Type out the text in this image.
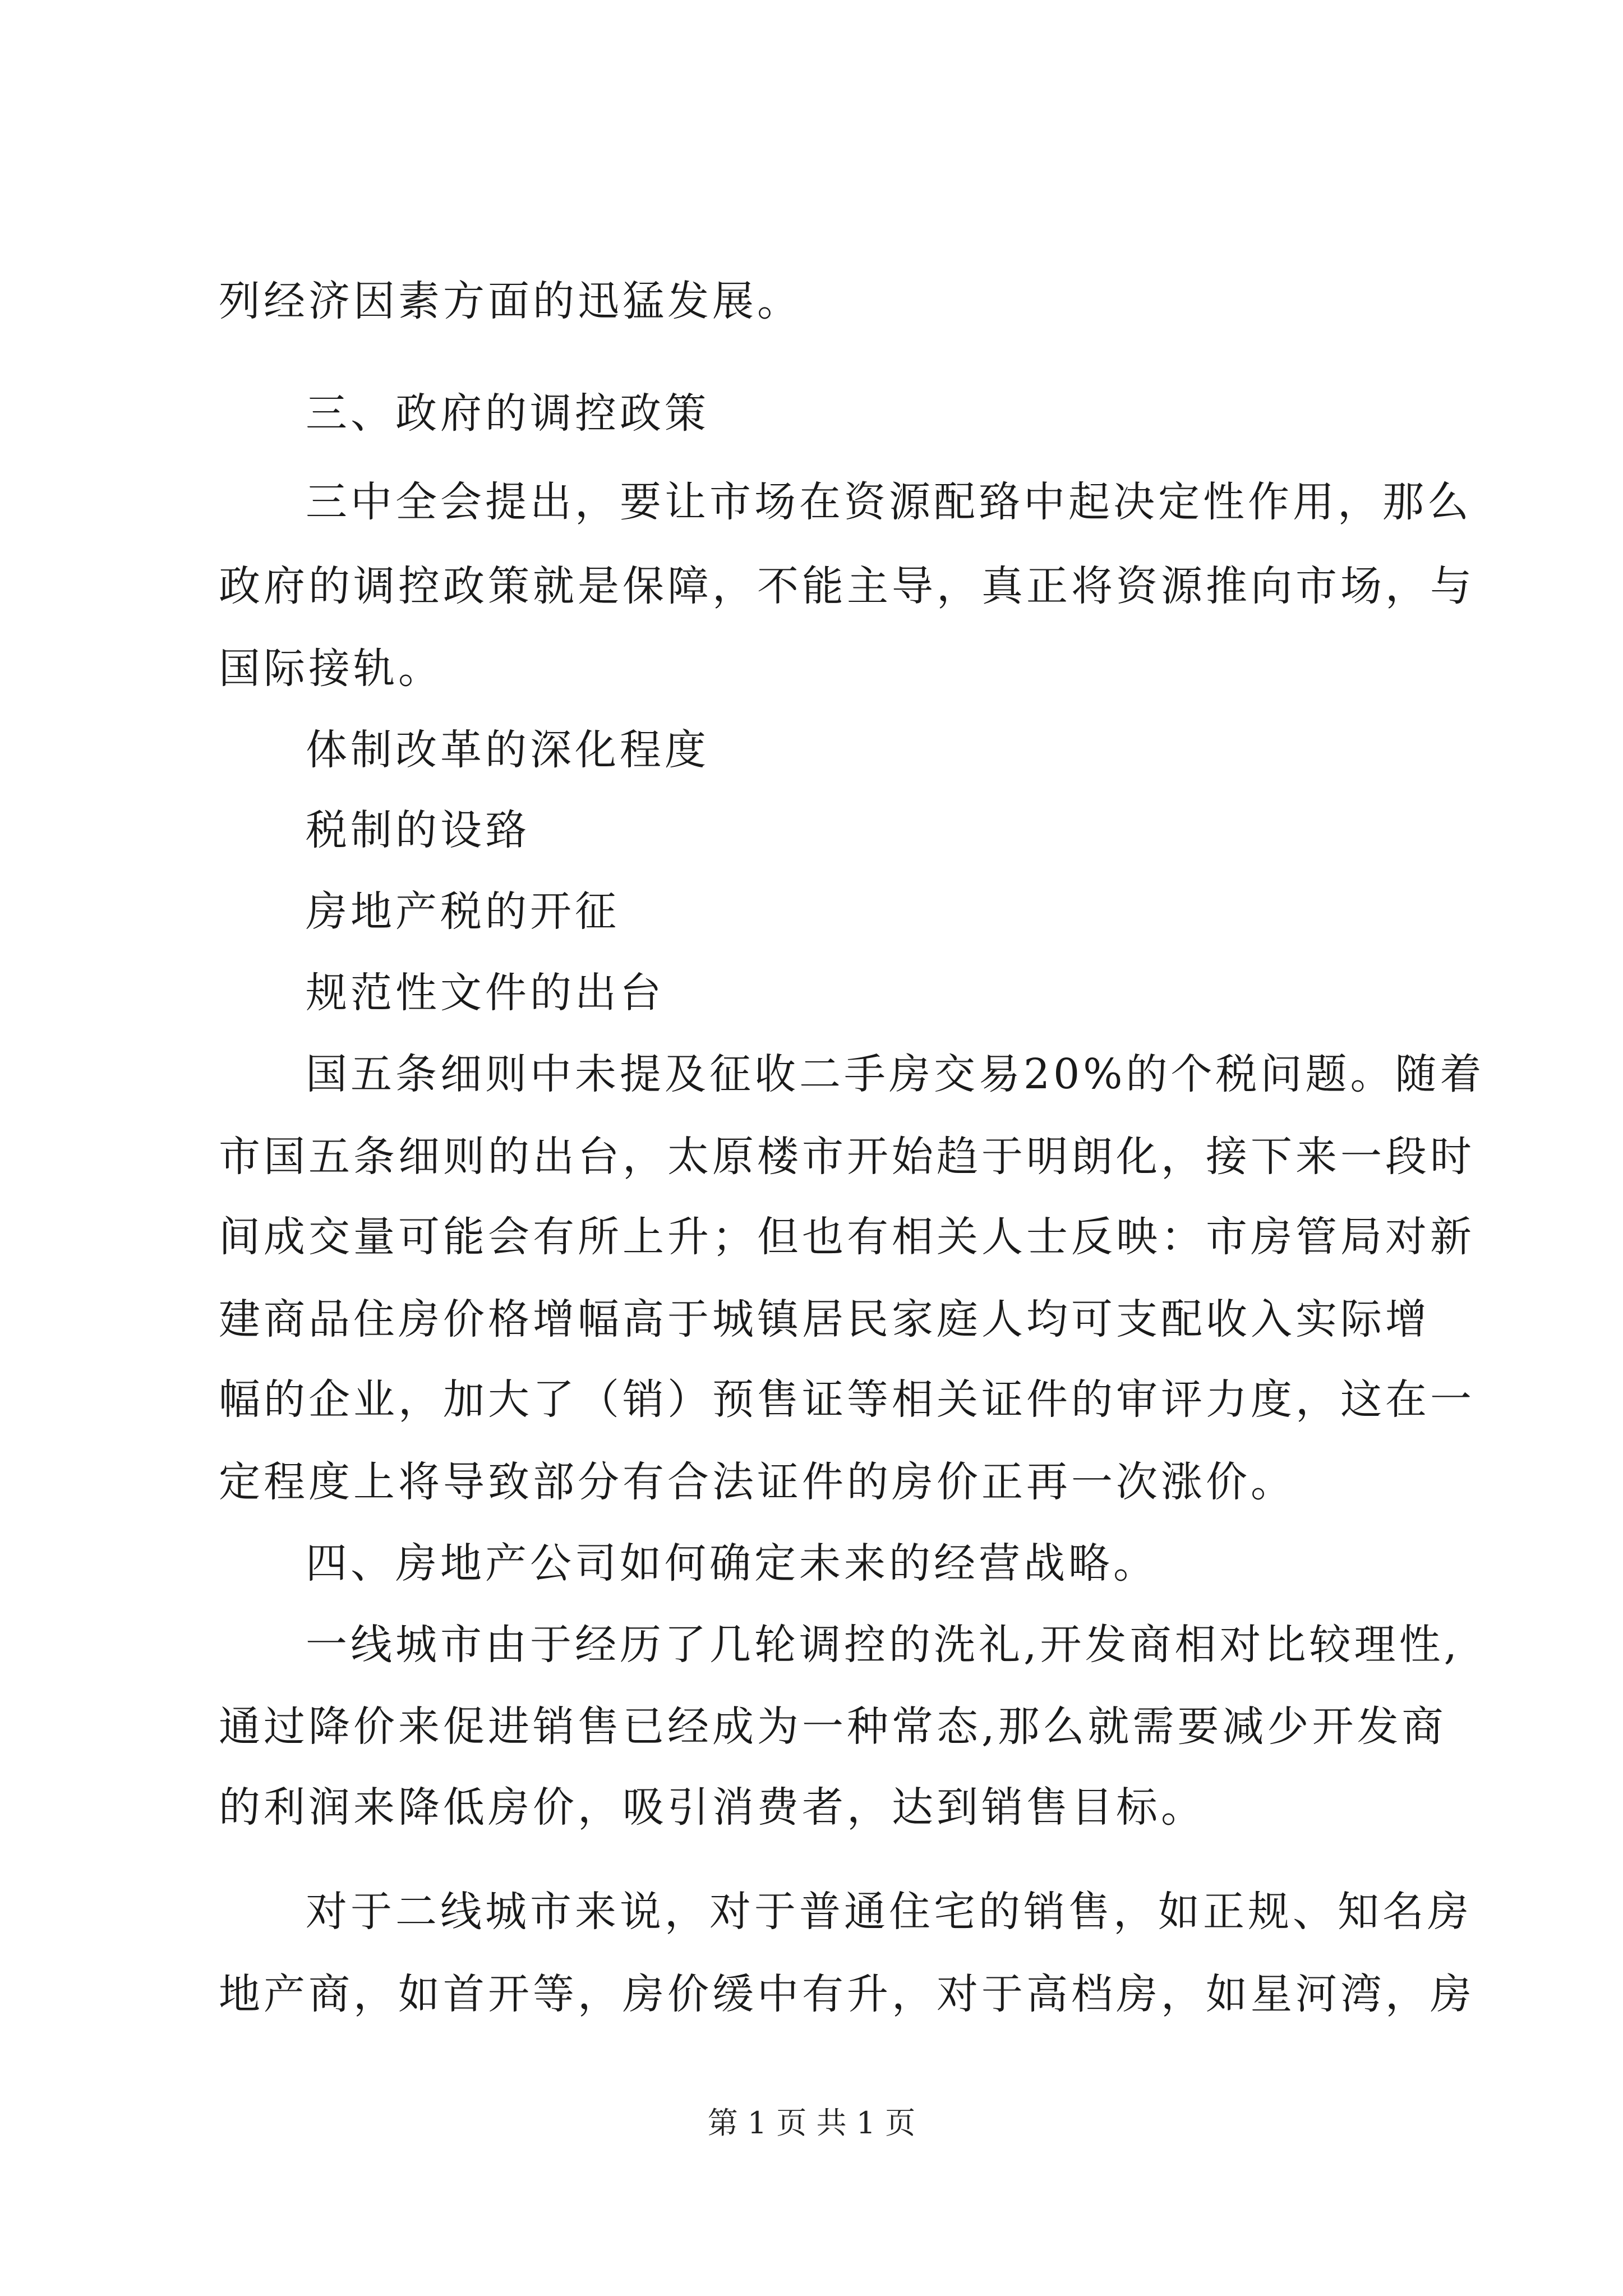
列经济因素方面的迅猛发展。
三、政府的调控政策
三中全会提出，要让市场在资源配臵中起决定性作用，那么
政府的调控政策就是保障，不能主导，真正将资源推向市场，与
国际接轨。
体制改革的深化程度
税制的设臵
房地产税的开征
规范性文件的出台
国五条细则中未提及征收二手房交易20%的个税问题。随着
市国五条细则的出台，太原楼市开始趋于明朗化，接下来一段时
间成交量可能会有所上升；但也有相关人士反映：市房管局对新
建商品住房价格增幅高于城镇居民家庭人均可支配收入实际增
幅的企业，加大了（销）预售证等相关证件的审评力度，这在一
定程度上将导致部分有合法证件的房价正再一次涨价。
四、房地产公司如何确定未来的经营战略。
一线城市由于经历了几轮调控的洗礼,开发商相对比较理性,
通过降价来促进销售已经成为一种常态,那么就需要减少开发商
的利润来降低房价，吸引消费者，达到销售目标。
对于二线城市来说，对于普通住宅的销售，如正规、知名房
地产商，如首开等，房价缓中有升，对于高档房，如星河湾，房
第 1 页 共 1 页
